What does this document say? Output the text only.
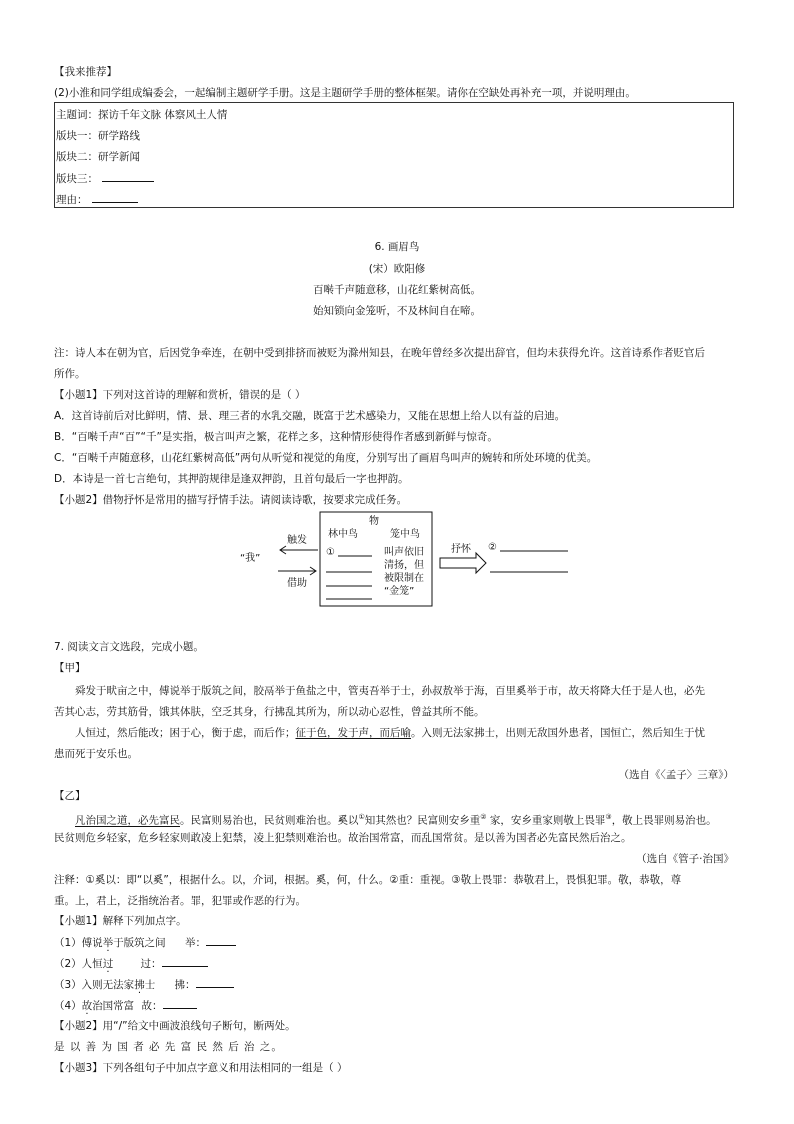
【我来推荐】
(2)小淮和同学组成编委会，一起编制主题研学手册。这是主题研学手册的整体框架。请你在空缺处再补充一项，并说明理由。
主题词：探访千年文脉 体察风土人情
版块一：研学路线
版块二：研学新闻
版块三：
理由：
6. 画眉鸟
(宋）欧阳修
百啭千声随意移，山花红紫树高低。
始知锁向金笼听，不及林间自在啼。
注：诗人本在朝为官，后因党争牵连，在朝中受到排挤而被贬为滁州知县，在晚年曾经多次提出辞官，但均未获得允许。这首诗系作者贬官后
所作。
【小题1】下列对这首诗的理解和赏析，错误的是（ ）
A．这首诗前后对比鲜明，情、景、理三者的水乳交融，既富于艺术感染力，又能在思想上给人以有益的启迪。
B．“百啭千声“百”“千”是实指，极言叫声之繁，花样之多，这种情形使得作者感到新鲜与惊奇。
C．“百啭千声随意移，山花红紫树高低”两句从听觉和视觉的角度，分别写出了画眉鸟叫声的婉转和所处环境的优美。
D．本诗是一首七言绝句，其押韵规律是逢双押韵，且首句最后一字也押韵。
【小题2】借物抒怀是常用的描写抒情手法。请阅读诗歌，按要求完成任务。
“我”
触发
借助
物
林中鸟	笼中鸟
①	叫声依旧
清扬，但
被限制在
“金笼”
抒怀 ②
7. 阅读文言文选段，完成小题。
【甲】
舜发于畎亩之中，傅说举于版筑之间，胶鬲举于鱼盐之中，管夷吾举于士，孙叔敖举于海，百里奚举于市，故天将降大任于是人也，必先
苦其心志，劳其筋骨，饿其体肤，空乏其身，行拂乱其所为，所以动心忍性，曾益其所不能。
人恒过，然后能改；困于心，衡于虑，而后作；征于色，发于声，而后喻。入则无法家拂士，出则无敌国外患者，国恒亡，然后知生于忧
患而死于安乐也。
（选自《〈孟子〉三章》）
【乙】
凡治国之道，必先富民。民富则易治也，民贫则难治也。奚以①知其然也？民富则安乡重② 家，安乡重家则敬上畏罪③，敬上畏罪则易治也。
民贫则危乡轻家，危乡轻家则敢凌上犯禁，凌上犯禁则难治也。故治国常富，而乱国常贫。是以善为国者必先富民然后治之。
（选自《管子·治国》
注释：①奚以：即“以奚”，根据什么。以，介词，根据。奚，何，什么。②重：重视。③敬上畏罪：恭敬君上，畏惧犯罪。敬，恭敬，尊
重。上，君上，泛指统治者。罪，犯罪或作恶的行为。
【小题1】解释下列加点字。
（1）傅说举于版筑之间 举：
（2）人恒过	过：
（3）入则无法家拂士 拂：
（4）故治国常富 故：
【小题2】用“/”给文中画波浪线句子断句，断两处。
是 以 善 为 国 者 必 先 富 民 然 后 治 之。
【小题3】下列各组句子中加点字意义和用法相同的一组是（ ）
